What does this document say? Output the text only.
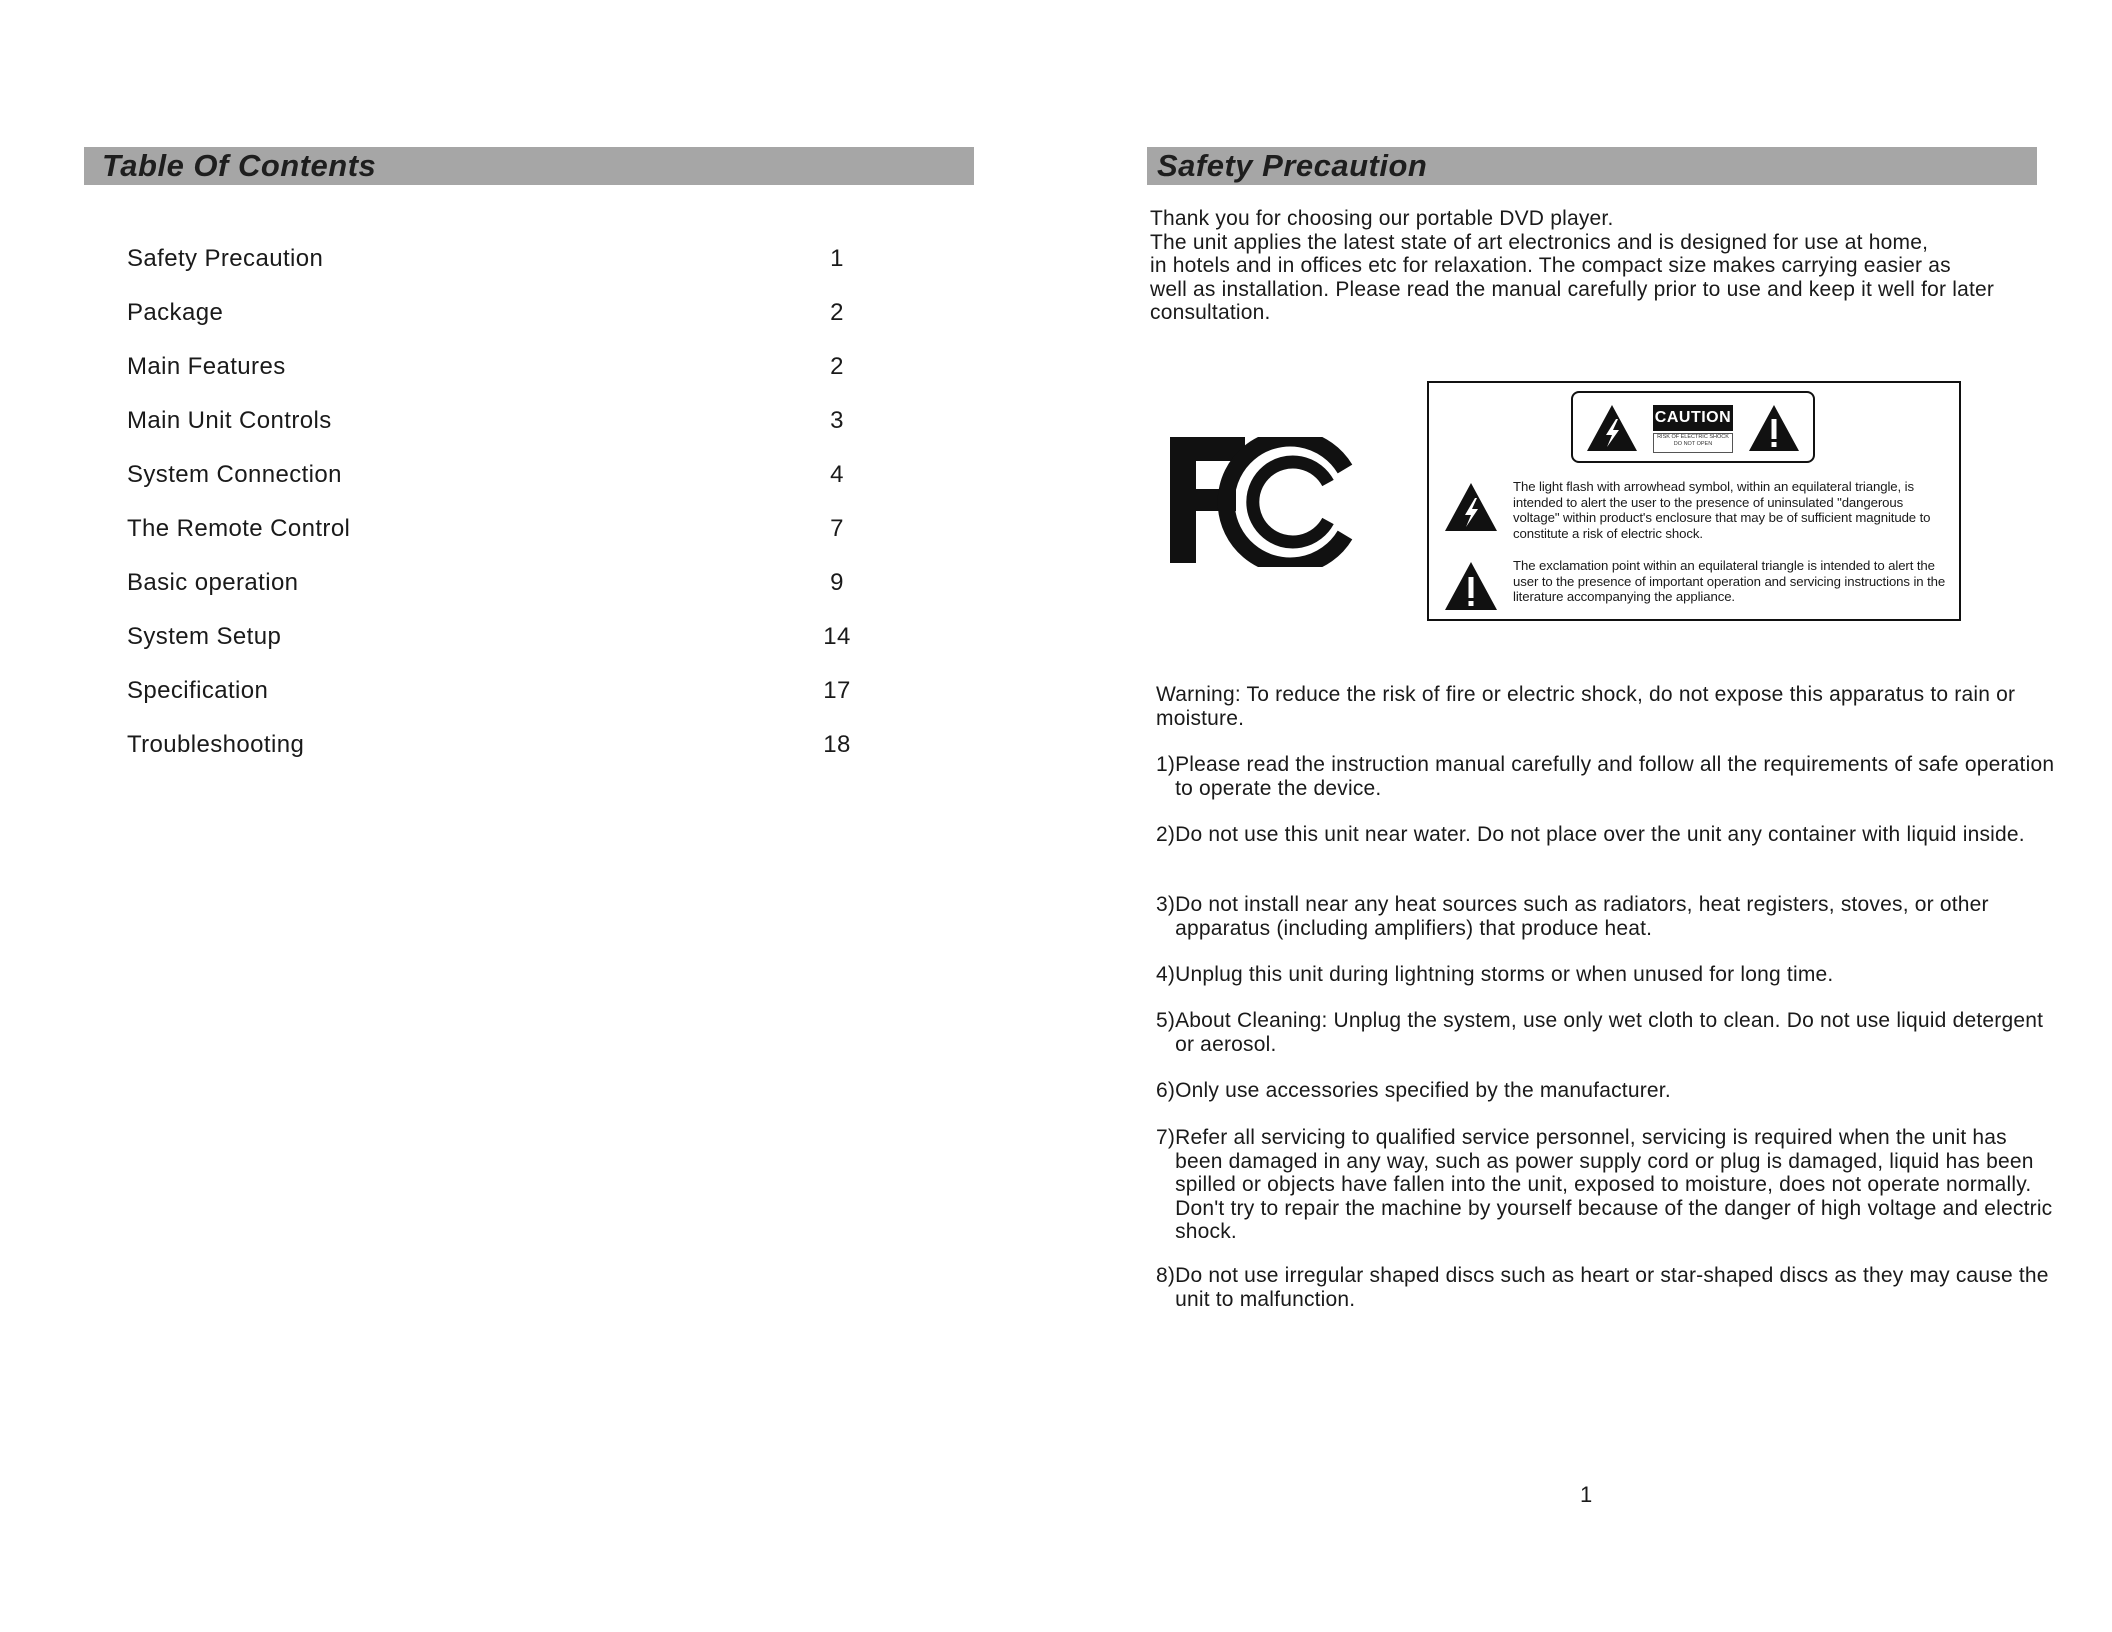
Table Of Contents
Safety Precaution	1
Package	2
Main Features	2
Main Unit Controls	3
System Connection	4
The Remote Control	7
Basic operation	9
System Setup	14
Specification	17
Troubleshooting	18
Safety Precaution

Thank you for choosing our portable DVD player.

The unit applies the latest state of art electronics and is designed for use at home,

in hotels and in offices etc for relaxation. The compact size makes carrying easier as

well as installation. Please read the manual carefully prior to use and keep it well for later

consultation.

CAUTION
RISK OF ELECTRIC SHOCK DO NOT OPEN
The light flash with arrowhead symbol, within an equilateral triangle, is intended to alert the user to the presence of uninsulated "dangerous voltage" within product's enclosure that may be of sufficient magnitude to constitute a risk of electric shock.
The exclamation point within an equilateral triangle is intended to alert the user to the presence of important operation and servicing instructions in the literature accompanying the appliance.

Warning: To reduce the risk of fire or electric shock, do not expose this apparatus to rain or moisture.

1) Please read the instruction manual carefully and follow all the requirements of safe operation to operate the device.
2) Do not use this unit near water. Do not place over the unit any container with liquid inside.
3) Do not install near any heat sources such as radiators, heat registers, stoves, or other apparatus (including amplifiers) that produce heat.
4) Unplug this unit during lightning storms or when unused for long time.
5) About Cleaning: Unplug the system, use only wet cloth to clean. Do not use liquid detergent or aerosol.
6) Only use accessories specified by the manufacturer.
7) Refer all servicing to qualified service personnel, servicing is required when the unit has been damaged in any way, such as power supply cord or plug is damaged, liquid has been spilled or objects have fallen into the unit, exposed to moisture, does not operate normally. Don't try to repair the machine by yourself because of the danger of high voltage and electric shock.
8) Do not use irregular shaped discs such as heart or star-shaped discs as they may cause the unit to malfunction.
1
